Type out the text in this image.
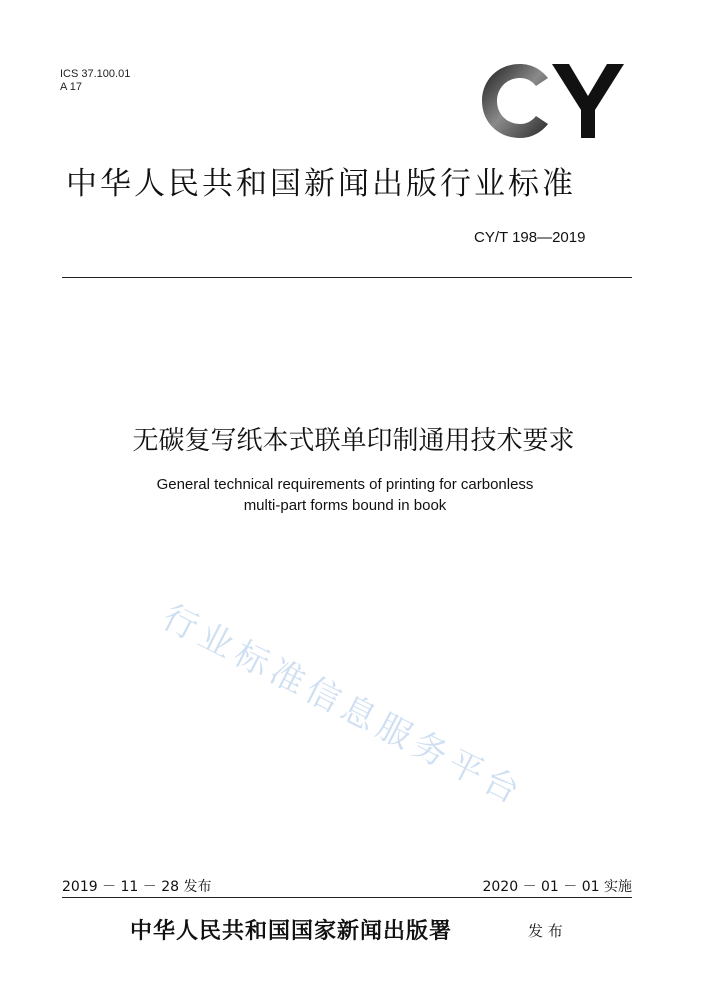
ICS 37.100.01
A 17
中华人民共和国新闻出版行业标准
CY/T 198—2019
无碳复写纸本式联单印制通用技术要求
General technical requirements of printing for carbonless
multi-part forms bound in book
行业标准信息服务平台
2019 － 11 － 28 发布	2020 － 01 － 01 实施
中华人民共和国国家新闻出版署	发 布
